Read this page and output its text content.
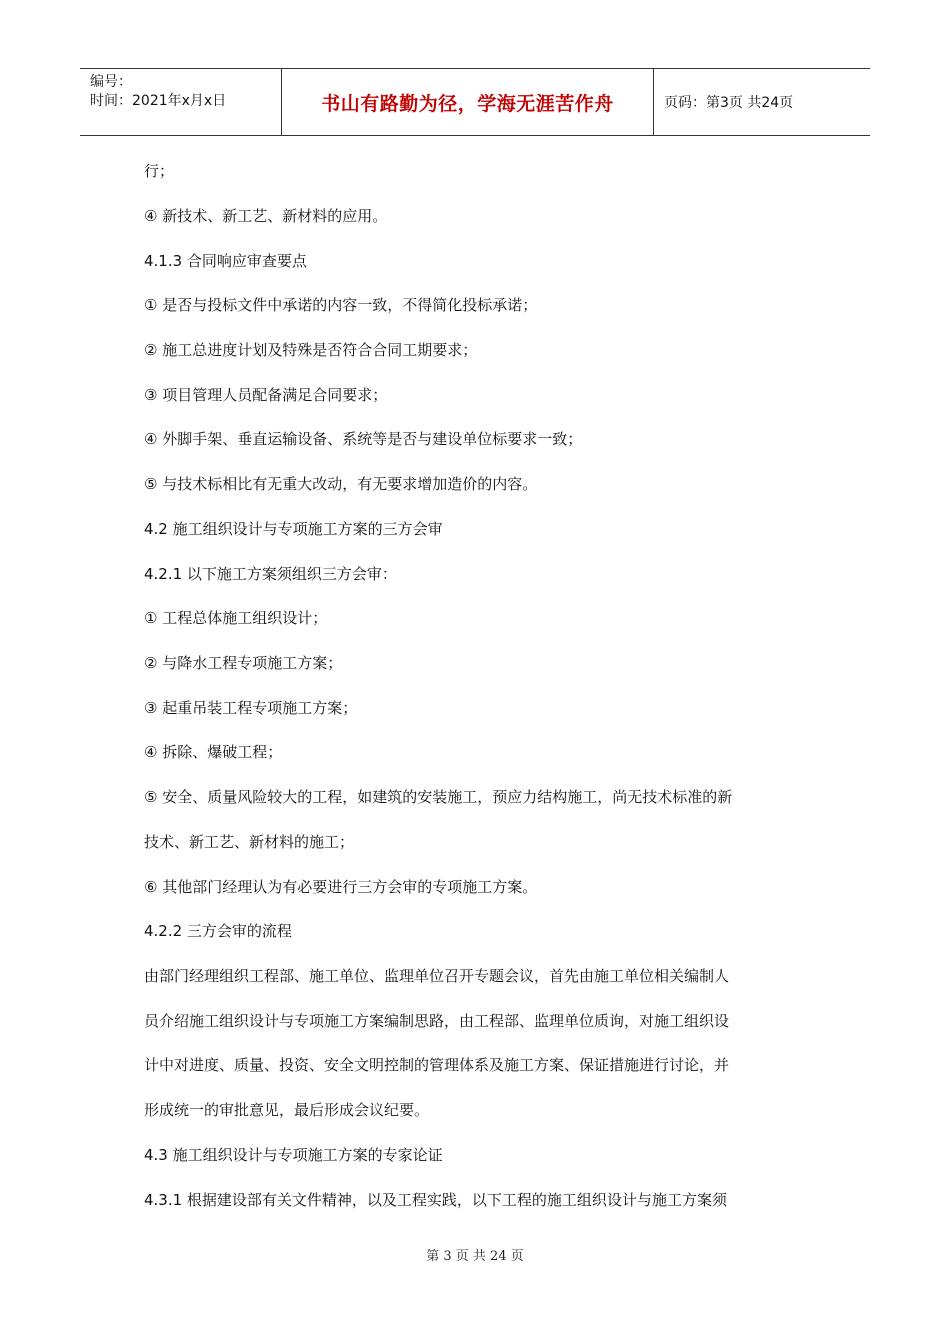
编号：
时间：2021年x月x日	书山有路勤为径，学海无涯苦作舟	页码：第3页 共24页
行；
④ 新技术、新工艺、新材料的应用。
4.1.3 合同响应审查要点
① 是否与投标文件中承诺的内容一致，不得简化投标承诺；
② 施工总进度计划及特殊是否符合合同工期要求；
③ 项目管理人员配备满足合同要求；
④ 外脚手架、垂直运输设备、系统等是否与建设单位标要求一致；
⑤ 与技术标相比有无重大改动，有无要求增加造价的内容。
4.2 施工组织设计与专项施工方案的三方会审
4.2.1 以下施工方案须组织三方会审：
① 工程总体施工组织设计；
② 与降水工程专项施工方案；
③ 起重吊装工程专项施工方案；
④ 拆除、爆破工程；
⑤ 安全、质量风险较大的工程，如建筑的安装施工，预应力结构施工，尚无技术标准的新
技术、新工艺、新材料的施工；
⑥ 其他部门经理认为有必要进行三方会审的专项施工方案。
4.2.2 三方会审的流程
由部门经理组织工程部、施工单位、监理单位召开专题会议，首先由施工单位相关编制人
员介绍施工组织设计与专项施工方案编制思路，由工程部、监理单位质询，对施工组织设
计中对进度、质量、投资、安全文明控制的管理体系及施工方案、保证措施进行讨论，并
形成统一的审批意见，最后形成会议纪要。
4.3 施工组织设计与专项施工方案的专家论证
4.3.1 根据建设部有关文件精神，以及工程实践，以下工程的施工组织设计与施工方案须
第 3 页 共 24 页
